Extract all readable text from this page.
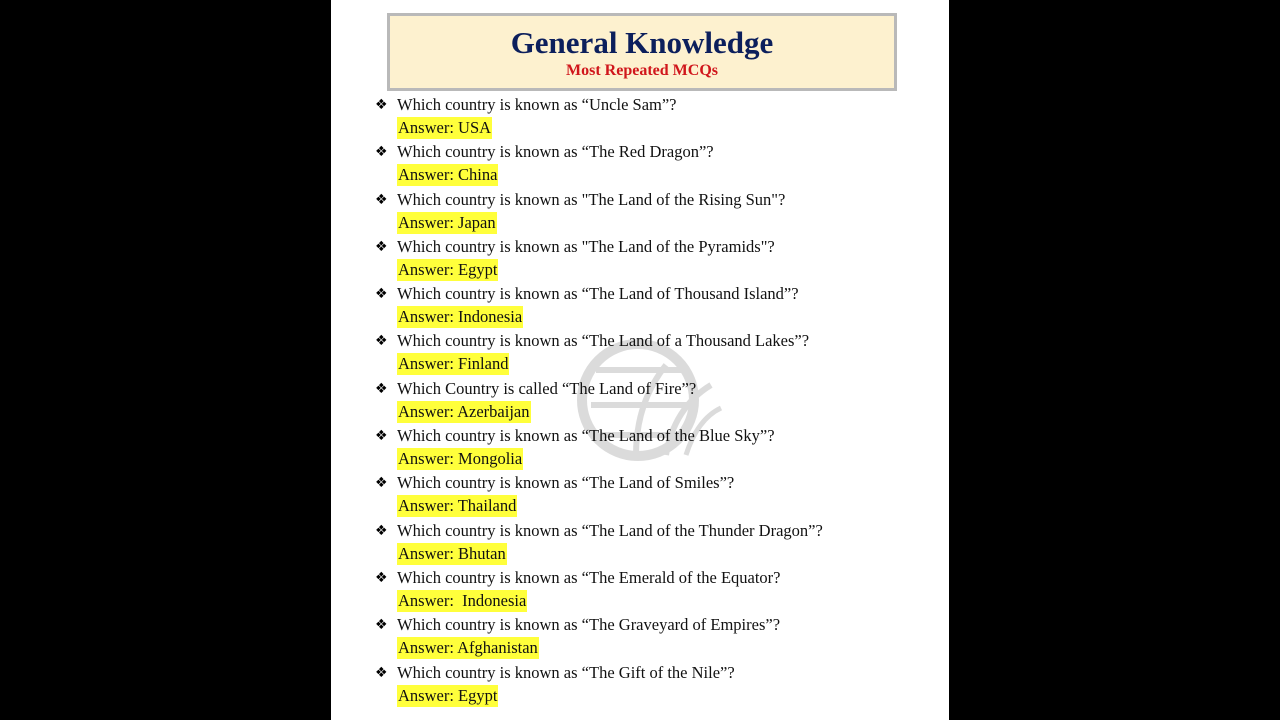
General Knowledge
Most Repeated MCQs
❖ Which country is known as “Uncle Sam”?
Answer: USA
❖ Which country is known as “The Red Dragon”?
Answer: China
❖ Which country is known as "The Land of the Rising Sun"?
Answer: Japan
❖ Which country is known as "The Land of the Pyramids"?
Answer: Egypt
❖ Which country is known as “The Land of Thousand Island”?
Answer: Indonesia
❖ Which country is known as “The Land of a Thousand Lakes”?
Answer: Finland
❖ Which Country is called “The Land of Fire”?
Answer: Azerbaijan
❖ Which country is known as “The Land of the Blue Sky”?
Answer: Mongolia
❖ Which country is known as “The Land of Smiles”?
Answer: Thailand
❖ Which country is known as “The Land of the Thunder Dragon”?
Answer: Bhutan
❖ Which country is known as “The Emerald of the Equator?
Answer:  Indonesia
❖ Which country is known as “The Graveyard of Empires”?
Answer: Afghanistan
❖ Which country is known as “The Gift of the Nile”?
Answer: Egypt
